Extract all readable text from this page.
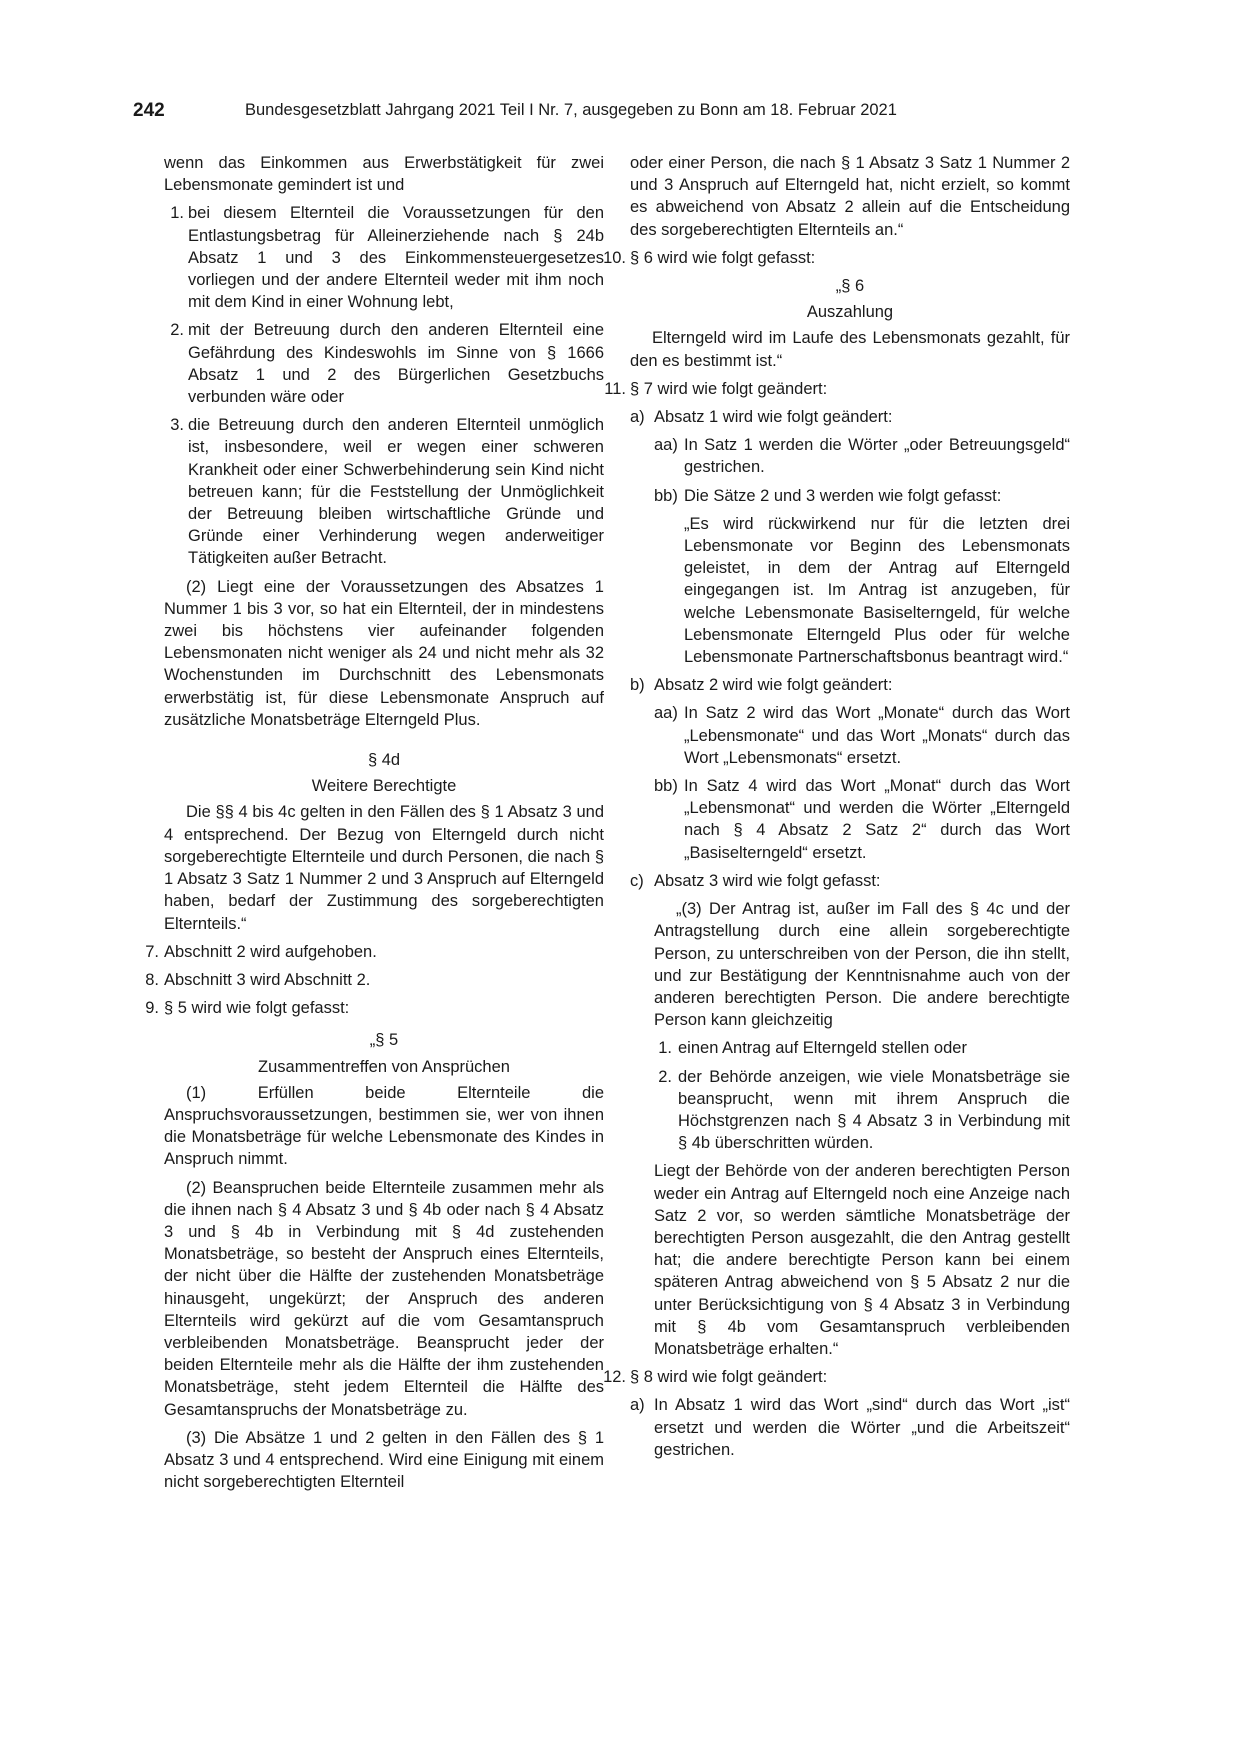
242	Bundesgesetzblatt Jahrgang 2021 Teil I Nr. 7, ausgegeben zu Bonn am 18. Februar 2021

wenn das Einkommen aus Erwerbstätigkeit für zwei Lebensmonate gemindert ist und

1. bei diesem Elternteil die Voraussetzungen für den Entlastungsbetrag für Alleinerziehende nach § 24b Absatz 1 und 3 des Einkommensteuergesetzes vorliegen und der andere Elternteil weder mit ihm noch mit dem Kind in einer Wohnung lebt,
2. mit der Betreuung durch den anderen Elternteil eine Gefährdung des Kindeswohls im Sinne von § 1666 Absatz 1 und 2 des Bürgerlichen Gesetzbuchs verbunden wäre oder
3. die Betreuung durch den anderen Elternteil unmöglich ist, insbesondere, weil er wegen einer schweren Krankheit oder einer Schwerbehinderung sein Kind nicht betreuen kann; für die Feststellung der Unmöglichkeit der Betreuung bleiben wirtschaftliche Gründe und Gründe einer Verhinderung wegen anderweitiger Tätigkeiten außer Betracht.

(2) Liegt eine der Voraussetzungen des Absatzes 1 Nummer 1 bis 3 vor, so hat ein Elternteil, der in mindestens zwei bis höchstens vier aufeinander folgenden Lebensmonaten nicht weniger als 24 und nicht mehr als 32 Wochenstunden im Durchschnitt des Lebensmonats erwerbstätig ist, für diese Lebensmonate Anspruch auf zusätzliche Monatsbeträge Elterngeld Plus.

§ 4d

Weitere Berechtigte

Die §§ 4 bis 4c gelten in den Fällen des § 1 Absatz 3 und 4 entsprechend. Der Bezug von Elterngeld durch nicht sorgeberechtigte Elternteile und durch Personen, die nach § 1 Absatz 3 Satz 1 Nummer 2 und 3 Anspruch auf Elterngeld haben, bedarf der Zustimmung des sorgeberechtigten Elternteils.“

7. Abschnitt 2 wird aufgehoben.
8. Abschnitt 3 wird Abschnitt 2.
9. § 5 wird wie folgt gefasst:

„§ 5

Zusammentreffen von Ansprüchen

(1) Erfüllen beide Elternteile die Anspruchsvoraussetzungen, bestimmen sie, wer von ihnen die Monatsbeträge für welche Lebensmonate des Kindes in Anspruch nimmt.

(2) Beanspruchen beide Elternteile zusammen mehr als die ihnen nach § 4 Absatz 3 und § 4b oder nach § 4 Absatz 3 und § 4b in Verbindung mit § 4d zustehenden Monatsbeträge, so besteht der Anspruch eines Elternteils, der nicht über die Hälfte der zustehenden Monatsbeträge hinausgeht, ungekürzt; der Anspruch des anderen Elternteils wird gekürzt auf die vom Gesamtanspruch verbleibenden Monatsbeträge. Beansprucht jeder der beiden Elternteile mehr als die Hälfte der ihm zustehenden Monatsbeträge, steht jedem Elternteil die Hälfte des Gesamtanspruchs der Monatsbeträge zu.

(3) Die Absätze 1 und 2 gelten in den Fällen des § 1 Absatz 3 und 4 entsprechend. Wird eine Einigung mit einem nicht sorgeberechtigten Elternteil

oder einer Person, die nach § 1 Absatz 3 Satz 1 Nummer 2 und 3 Anspruch auf Elterngeld hat, nicht erzielt, so kommt es abweichend von Absatz 2 allein auf die Entscheidung des sorgeberechtigten Elternteils an.“

10. § 6 wird wie folgt gefasst:

„§ 6

Auszahlung

Elterngeld wird im Laufe des Lebensmonats gezahlt, für den es bestimmt ist.“

11. § 7 wird wie folgt geändert:
a) Absatz 1 wird wie folgt geändert:
aa) In Satz 1 werden die Wörter „oder Betreuungsgeld“ gestrichen.
bb) Die Sätze 2 und 3 werden wie folgt gefasst:

„Es wird rückwirkend nur für die letzten drei Lebensmonate vor Beginn des Lebensmonats geleistet, in dem der Antrag auf Elterngeld eingegangen ist. Im Antrag ist anzugeben, für welche Lebensmonate Basiselterngeld, für welche Lebensmonate Elterngeld Plus oder für welche Lebensmonate Partnerschaftsbonus beantragt wird.“

b) Absatz 2 wird wie folgt geändert:
aa) In Satz 2 wird das Wort „Monate“ durch das Wort „Lebensmonate“ und das Wort „Monats“ durch das Wort „Lebensmonats“ ersetzt.
bb) In Satz 4 wird das Wort „Monat“ durch das Wort „Lebensmonat“ und werden die Wörter „Elterngeld nach § 4 Absatz 2 Satz 2“ durch das Wort „Basiselterngeld“ ersetzt.
c) Absatz 3 wird wie folgt gefasst:

„(3) Der Antrag ist, außer im Fall des § 4c und der Antragstellung durch eine allein sorgeberechtigte Person, zu unterschreiben von der Person, die ihn stellt, und zur Bestätigung der Kenntnisnahme auch von der anderen berechtigten Person. Die andere berechtigte Person kann gleichzeitig

1. einen Antrag auf Elterngeld stellen oder
2. der Behörde anzeigen, wie viele Monatsbeträge sie beansprucht, wenn mit ihrem Anspruch die Höchstgrenzen nach § 4 Absatz 3 in Verbindung mit § 4b überschritten würden.

Liegt der Behörde von der anderen berechtigten Person weder ein Antrag auf Elterngeld noch eine Anzeige nach Satz 2 vor, so werden sämtliche Monatsbeträge der berechtigten Person ausgezahlt, die den Antrag gestellt hat; die andere berechtigte Person kann bei einem späteren Antrag abweichend von § 5 Absatz 2 nur die unter Berücksichtigung von § 4 Absatz 3 in Verbindung mit § 4b vom Gesamtanspruch verbleibenden Monatsbeträge erhalten.“

12. § 8 wird wie folgt geändert:
a) In Absatz 1 wird das Wort „sind“ durch das Wort „ist“ ersetzt und werden die Wörter „und die Arbeitszeit“ gestrichen.
